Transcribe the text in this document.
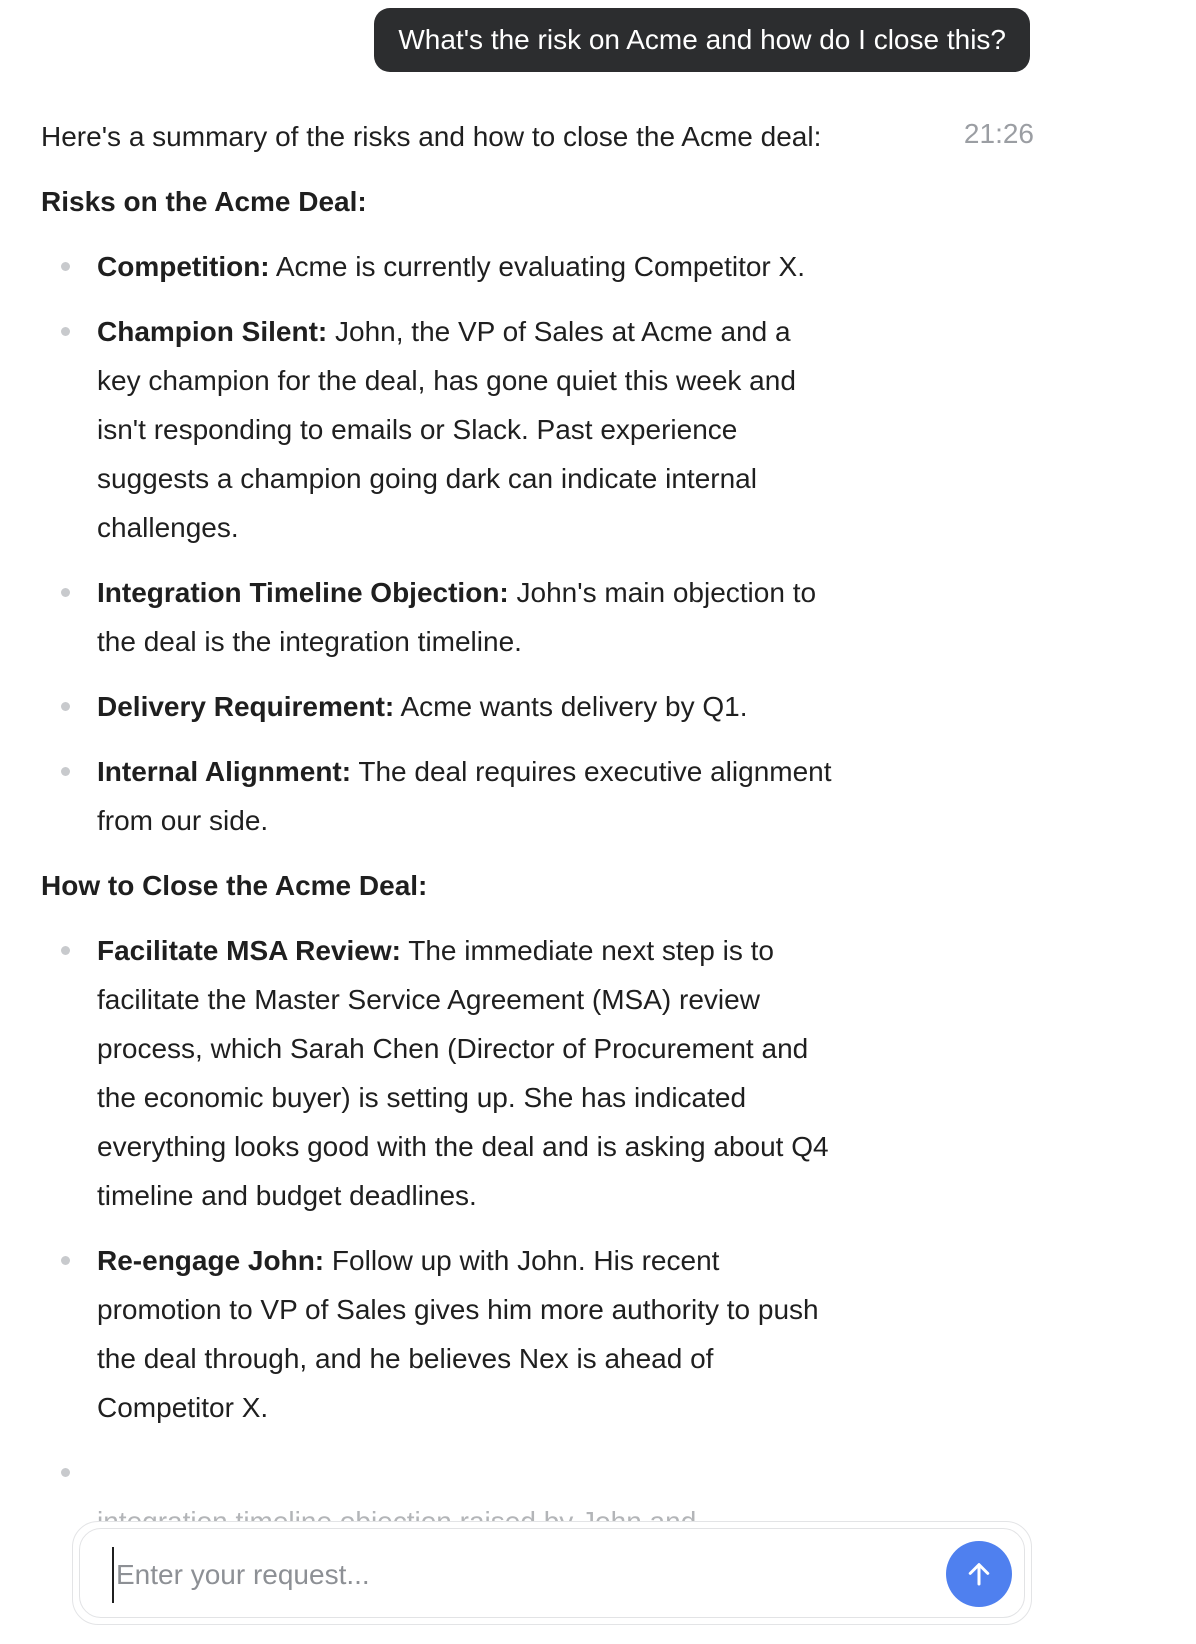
What's the risk on Acme and how do I close this?
21:26

Here's a summary of the risks and how to close the Acme deal:

Risks on the Acme Deal:
Competition: Acme is currently evaluating Competitor X.
Champion Silent: John, the VP of Sales at Acme and a key champion for the deal, has gone quiet this week and isn't responding to emails or Slack. Past experience suggests a champion going dark can indicate internal challenges.
Integration Timeline Objection: John's main objection to the deal is the integration timeline.
Delivery Requirement: Acme wants delivery by Q1.
Internal Alignment: The deal requires executive alignment from our side.
How to Close the Acme Deal:
Facilitate MSA Review: The immediate next step is to facilitate the Master Service Agreement (MSA) review process, which Sarah Chen (Director of Procurement and the economic buyer) is setting up. She has indicated everything looks good with the deal and is asking about Q4 timeline and budget deadlines.
Re-engage John: Follow up with John. His recent promotion to VP of Sales gives him more authority to push the deal through, and he believes Nex is ahead of Competitor X.

Enter your request...
